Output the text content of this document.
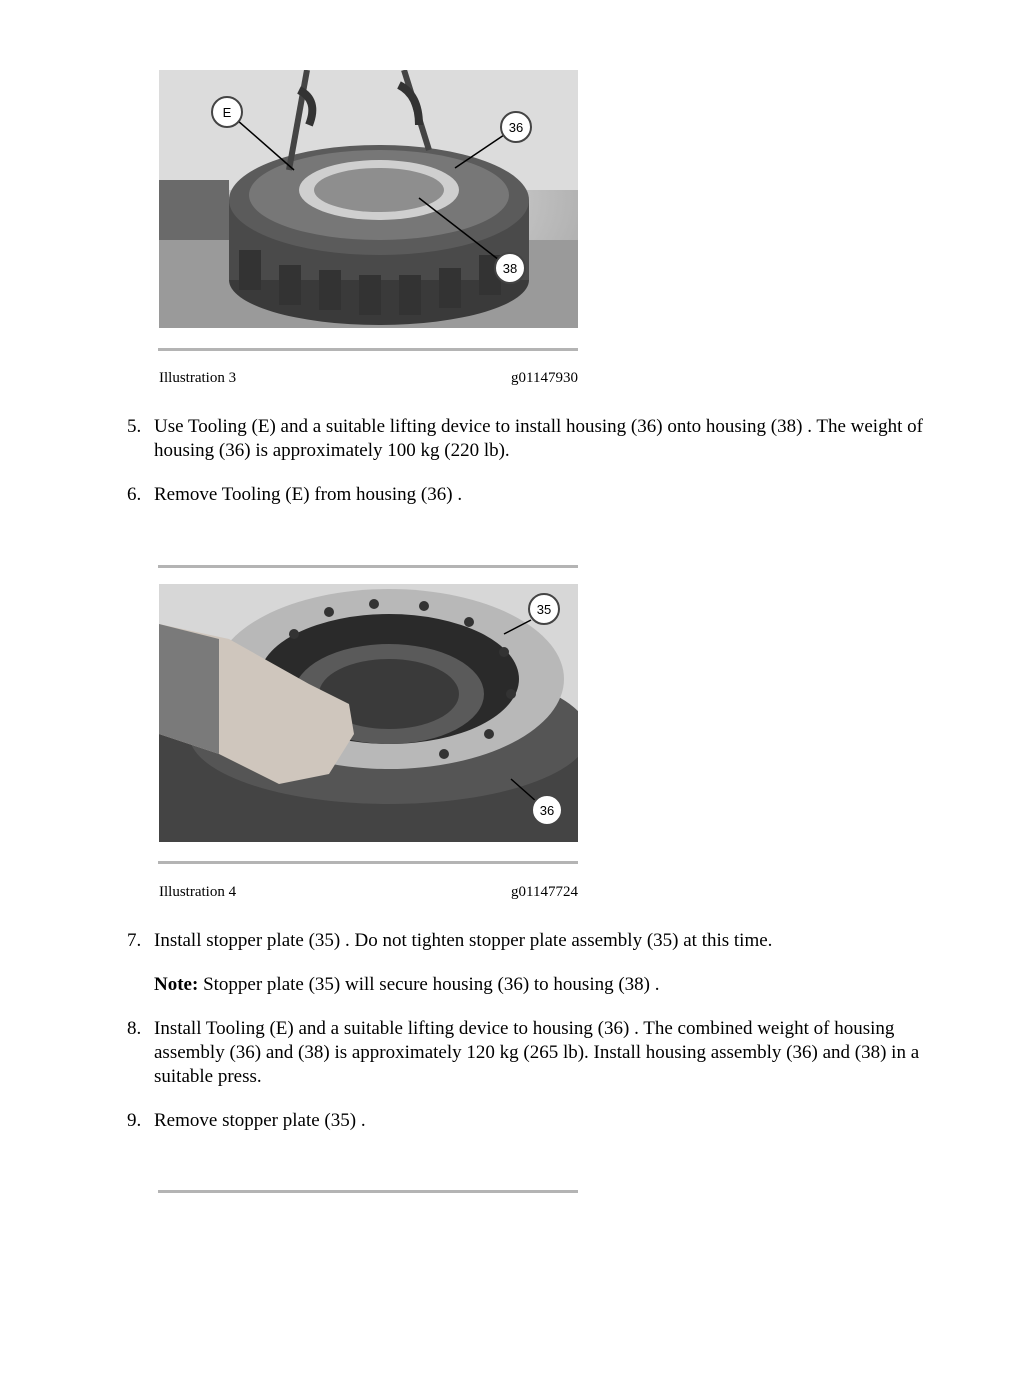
E
36
38
Illustration 3	g01147930
5. Use Tooling (E) and a suitable lifting device to install housing (36) onto housing (38) . The weight of housing (36) is approximately 100 kg (220 lb).
6. Remove Tooling (E) from housing (36) .
35
36
Illustration 4	g01147724
7. Install stopper plate (35) . Do not tighten stopper plate assembly (35) at this time.
Note: Stopper plate (35) will secure housing (36) to housing (38) .
8. Install Tooling (E) and a suitable lifting device to housing (36) . The combined weight of housing assembly (36) and (38) is approximately 120 kg (265 lb). Install housing assembly (36) and (38) in a suitable press.
9. Remove stopper plate (35) .
